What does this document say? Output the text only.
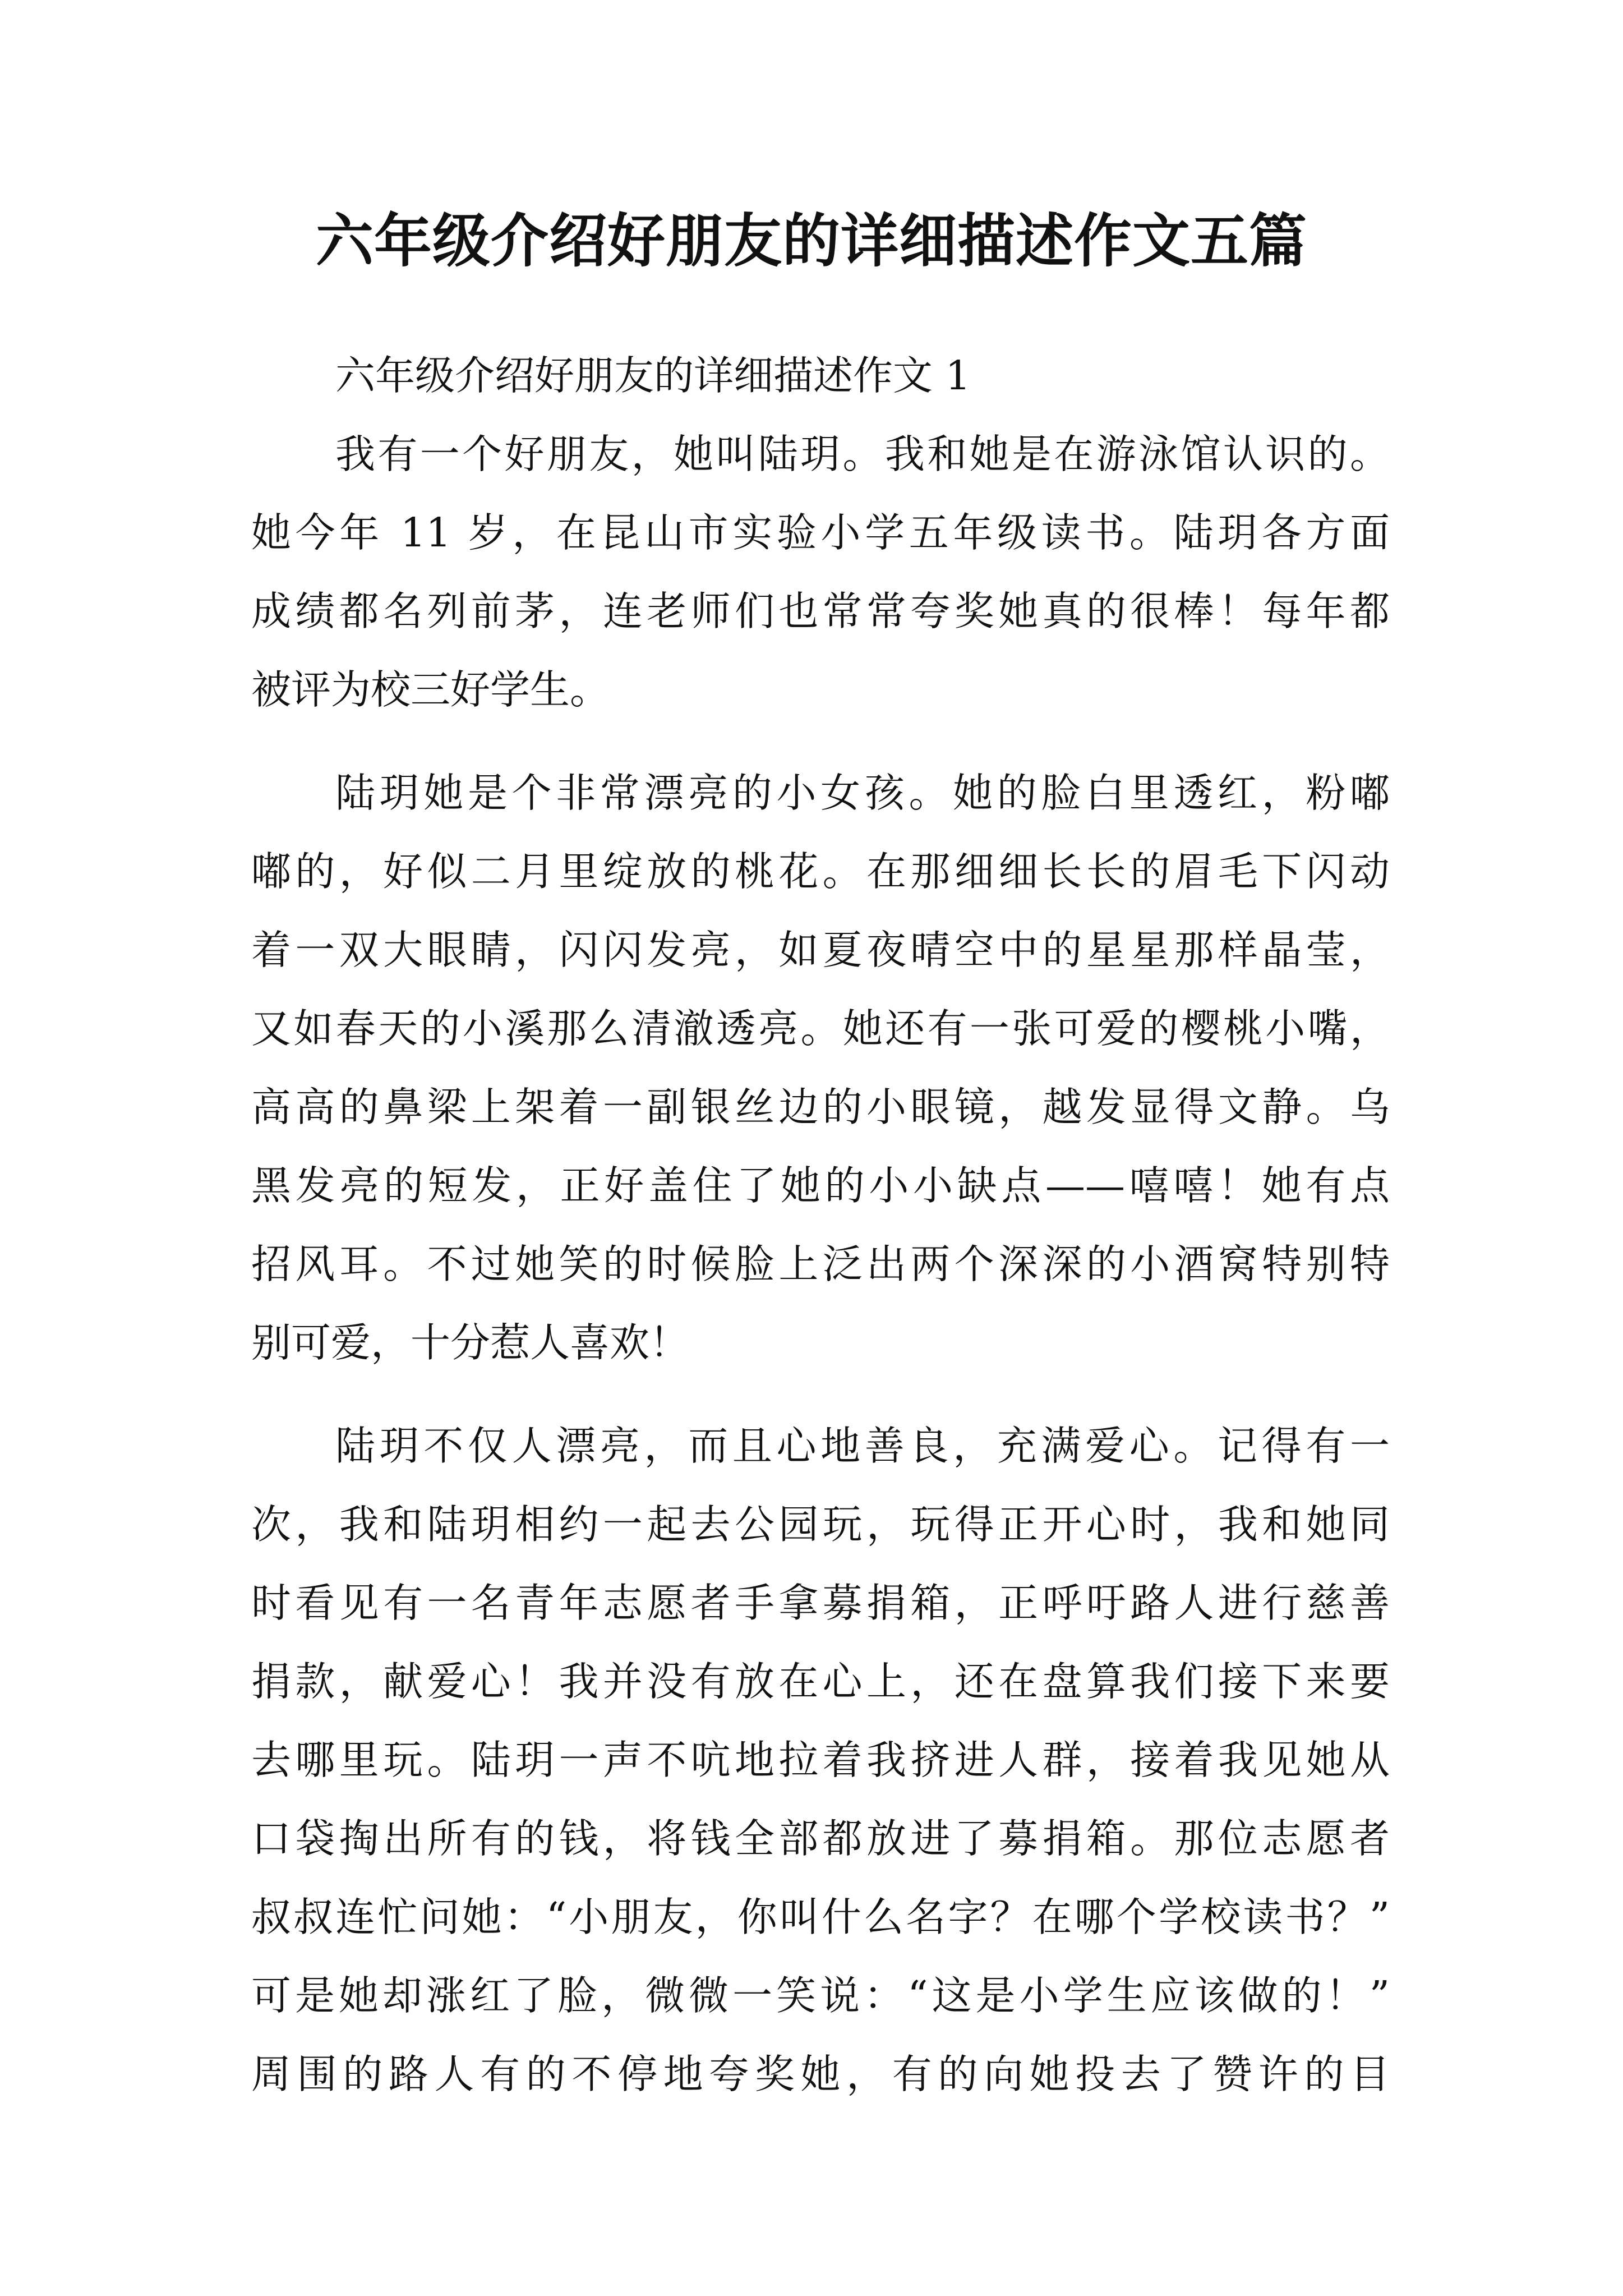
六年级介绍好朋友的详细描述作文五篇
六年级介绍好朋友的详细描述作文 1
我有一个好朋友，她叫陆玥。我和她是在游泳馆认识的。
她今年 11 岁，在昆山市实验小学五年级读书。陆玥各方面
成绩都名列前茅，连老师们也常常夸奖她真的很棒！每年都
被评为校三好学生。
陆玥她是个非常漂亮的小女孩。她的脸白里透红，粉嘟
嘟的，好似二月里绽放的桃花。在那细细长长的眉毛下闪动
着一双大眼睛，闪闪发亮，如夏夜晴空中的星星那样晶莹，
又如春天的小溪那么清澈透亮。她还有一张可爱的樱桃小嘴，
高高的鼻梁上架着一副银丝边的小眼镜，越发显得文静。乌
黑发亮的短发，正好盖住了她的小小缺点——嘻嘻！她有点
招风耳。不过她笑的时候脸上泛出两个深深的小酒窝特别特
别可爱，十分惹人喜欢！
陆玥不仅人漂亮，而且心地善良，充满爱心。记得有一
次，我和陆玥相约一起去公园玩，玩得正开心时，我和她同
时看见有一名青年志愿者手拿募捐箱，正呼吁路人进行慈善
捐款，献爱心！我并没有放在心上，还在盘算我们接下来要
去哪里玩。陆玥一声不吭地拉着我挤进人群，接着我见她从
口袋掏出所有的钱，将钱全部都放进了募捐箱。那位志愿者
叔叔连忙问她：“小朋友，你叫什么名字？在哪个学校读书？”
可是她却涨红了脸，微微一笑说：“这是小学生应该做的！”
周围的路人有的不停地夸奖她，有的向她投去了赞许的目
